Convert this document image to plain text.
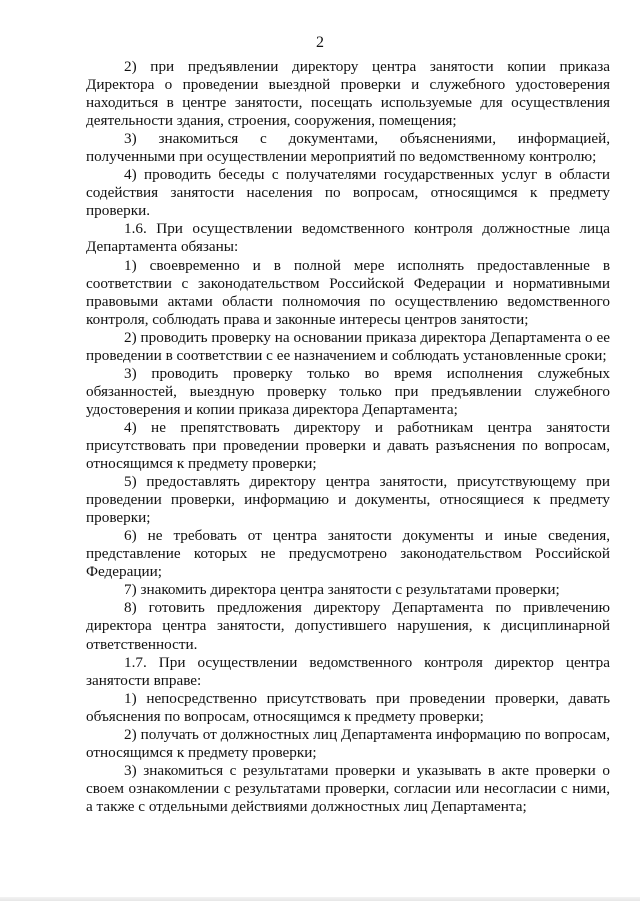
2

2) при предъявлении директору центра занятости копии приказа Директора о проведении выездной проверки и служебного удостоверения находиться в центре занятости, посещать используемые для осуществления деятельности здания, строения, сооружения, помещения;

3) знакомиться с документами, объяснениями, информацией, полученными при осуществлении мероприятий по ведомственному контролю;

4) проводить беседы с получателями государственных услуг в области содействия занятости населения по вопросам, относящимся к предмету проверки.

1.6. При осуществлении ведомственного контроля должностные лица Департамента обязаны:

1) своевременно и в полной мере исполнять предоставленные в соответствии с законодательством Российской Федерации и нормативными правовыми актами области полномочия по осуществлению ведомственного контроля, соблюдать права и законные интересы центров занятости;

2) проводить проверку на основании приказа директора Департамента о ее проведении в соответствии с ее назначением и соблюдать установленные сроки;

3) проводить проверку только во время исполнения служебных обязанностей, выездную проверку только при предъявлении служебного удостоверения и копии приказа директора Департамента;

4) не препятствовать директору и работникам центра занятости присутствовать при проведении проверки и давать разъяснения по вопросам, относящимся к предмету проверки;

5) предоставлять директору центра занятости, присутствующему при проведении проверки, информацию и документы, относящиеся к предмету проверки;

6) не требовать от центра занятости документы и иные сведения, представление которых не предусмотрено законодательством Российской Федерации;

7) знакомить директора центра занятости с результатами проверки;

8) готовить предложения директору Департамента по привлечению директора центра занятости, допустившего нарушения, к дисциплинарной ответственности.

1.7. При осуществлении ведомственного контроля директор центра занятости вправе:

1) непосредственно присутствовать при проведении проверки, давать объяснения по вопросам, относящимся к предмету проверки;

2) получать от должностных лиц Департамента информацию по вопросам, относящимся к предмету проверки;

3) знакомиться с результатами проверки и указывать в акте проверки о своем ознакомлении с результатами проверки, согласии или несогласии с ними, а также с отдельными действиями должностных лиц Департамента;
